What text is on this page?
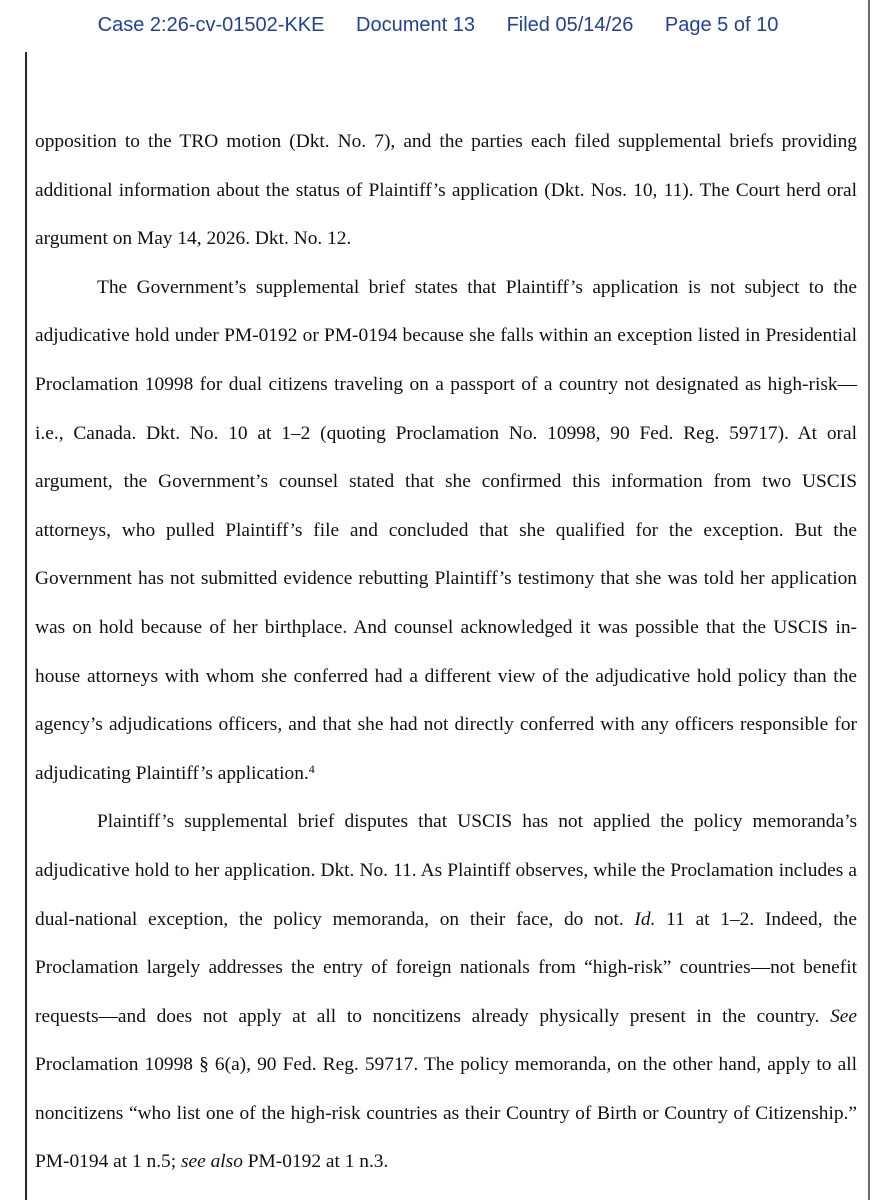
Case 2:26-cv-01502-KKE Document 13 Filed 05/14/26 Page 5 of 10

opposition to the TRO motion (Dkt. No. 7), and the parties each filed supplemental briefs providing additional information about the status of Plaintiff’s application (Dkt. Nos. 10, 11). The Court herd oral argument on May 14, 2026. Dkt. No. 12.

The Government’s supplemental brief states that Plaintiff’s application is not subject to the adjudicative hold under PM-0192 or PM-0194 because she falls within an exception listed in Presidential Proclamation 10998 for dual citizens traveling on a passport of a country not designated as high-risk—i.e., Canada. Dkt. No. 10 at 1–2 (quoting Proclamation No. 10998, 90 Fed. Reg. 59717). At oral argument, the Government’s counsel stated that she confirmed this information from two USCIS attorneys, who pulled Plaintiff’s file and concluded that she qualified for the exception. But the Government has not submitted evidence rebutting Plaintiff’s testimony that she was told her application was on hold because of her birthplace. And counsel acknowledged it was possible that the USCIS in-house attorneys with whom she conferred had a different view of the adjudicative hold policy than the agency’s adjudications officers, and that she had not directly conferred with any officers responsible for adjudicating Plaintiff’s application.$^4$

Plaintiff’s supplemental brief disputes that USCIS has not applied the policy memoranda’s adjudicative hold to her application. Dkt. No. 11. As Plaintiff observes, while the Proclamation includes a dual-national exception, the policy memoranda, on their face, do not. Id. 11 at 1–2. Indeed, the Proclamation largely addresses the entry of foreign nationals from “high-risk” countries—not benefit requests—and does not apply at all to noncitizens already physically present in the country. See Proclamation 10998 § 6(a), 90 Fed. Reg. 59717. The policy memoranda, on the other hand, apply to all noncitizens “who list one of the high-risk countries as their Country of Birth or Country of Citizenship.” PM-0194 at 1 n.5; see also PM-0192 at 1 n.3.
